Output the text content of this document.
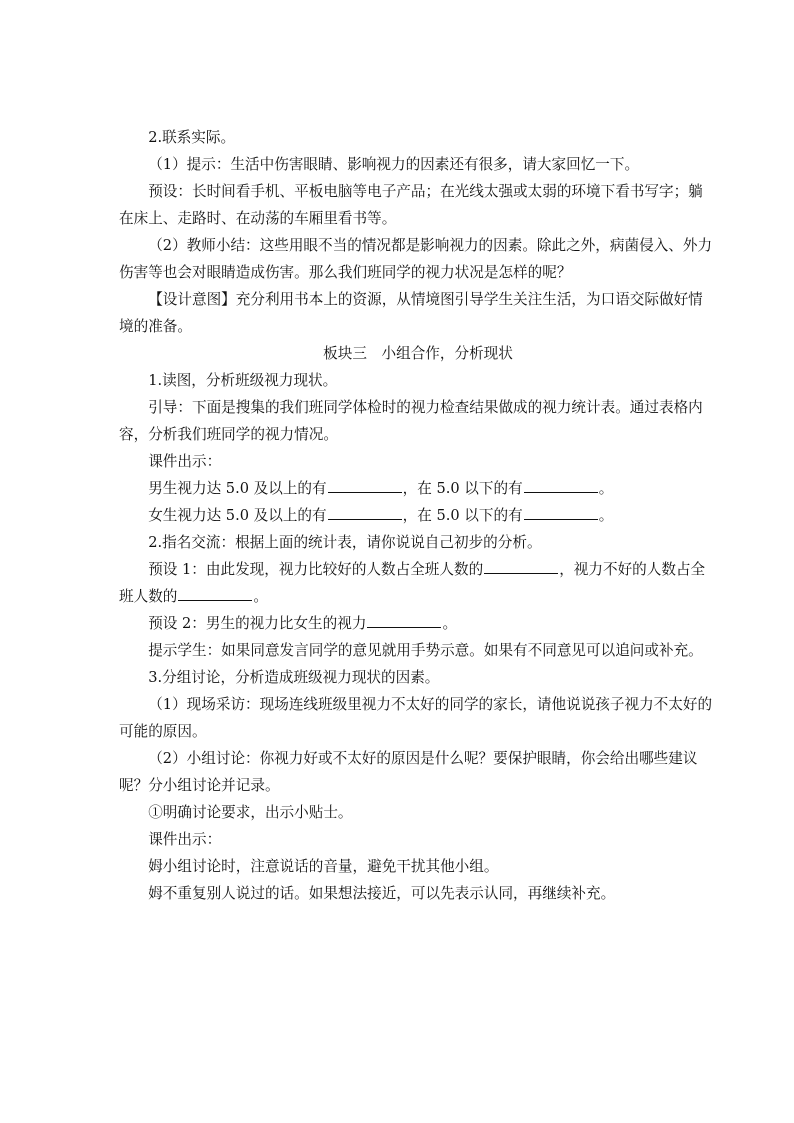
2.联系实际。

（1）提示：生活中伤害眼睛、影响视力的因素还有很多，请大家回忆一下。

预设：长时间看手机、平板电脑等电子产品；在光线太强或太弱的环境下看书写字；躺在床上、走路时、在动荡的车厢里看书等。

（2）教师小结：这些用眼不当的情况都是影响视力的因素。除此之外，病菌侵入、外力伤害等也会对眼睛造成伤害。那么我们班同学的视力状况是怎样的呢？

【设计意图】充分利用书本上的资源，从情境图引导学生关注生活，为口语交际做好情境的准备。

板块三　小组合作，分析现状

1.读图，分析班级视力现状。

引导：下面是搜集的我们班同学体检时的视力检查结果做成的视力统计表。通过表格内容，分析我们班同学的视力情况。

课件出示：

男生视力达 5.0 及以上的有	，在 5.0 以下的有	。

女生视力达 5.0 及以上的有	，在 5.0 以下的有	。

2.指名交流：根据上面的统计表，请你说说自己初步的分析。

预设 1：由此发现，视力比较好的人数占全班人数的	，视力不好的人数占全班人数的	。

预设 2：男生的视力比女生的视力	。

提示学生：如果同意发言同学的意见就用手势示意。如果有不同意见可以追问或补充。

3.分组讨论，分析造成班级视力现状的因素。

（1）现场采访：现场连线班级里视力不太好的同学的家长，请他说说孩子视力不太好的可能的原因。

（2）小组讨论：你视力好或不太好的原因是什么呢？要保护眼睛，你会给出哪些建议呢？分小组讨论并记录。

①明确讨论要求，出示小贴士。

课件出示：

姆小组讨论时，注意说话的音量，避免干扰其他小组。

姆不重复别人说过的话。如果想法接近，可以先表示认同，再继续补充。
